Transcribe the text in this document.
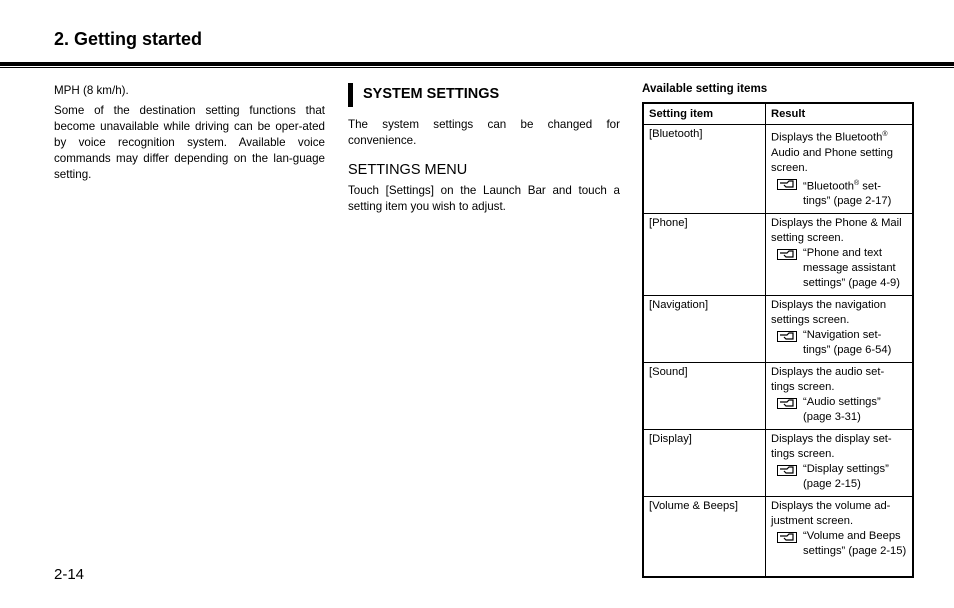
2. Getting started

MPH (8 km/h).

Some of the destination setting functions that become unavailable while driving can be oper-ated by voice recognition system. Available voice commands may differ depending on the lan-guage setting.

SYSTEM SETTINGS

The system settings can be changed for convenience.

SETTINGS MENU

Touch [Settings] on the Launch Bar and touch a setting item you wish to adjust.

Available setting items
Setting item	Result
[Bluetooth]	Displays the Bluetooth® Audio and Phone setting screen.
“Bluetooth® set-tings” (page 2-17)

[Phone]	Displays the Phone & Mail setting screen.
“Phone and text message assistant settings” (page 4-9)

[Navigation]	Displays the navigation settings screen.
“Navigation set-tings” (page 6-54)

[Sound]	Displays the audio set-tings screen.
“Audio settings” (page 3-31)

[Display]	Displays the display set-tings screen.
“Display settings” (page 2-15)

[Volume & Beeps]	Displays the volume ad-justment screen.
“Volume and Beeps settings” (page 2-15)
2-14
